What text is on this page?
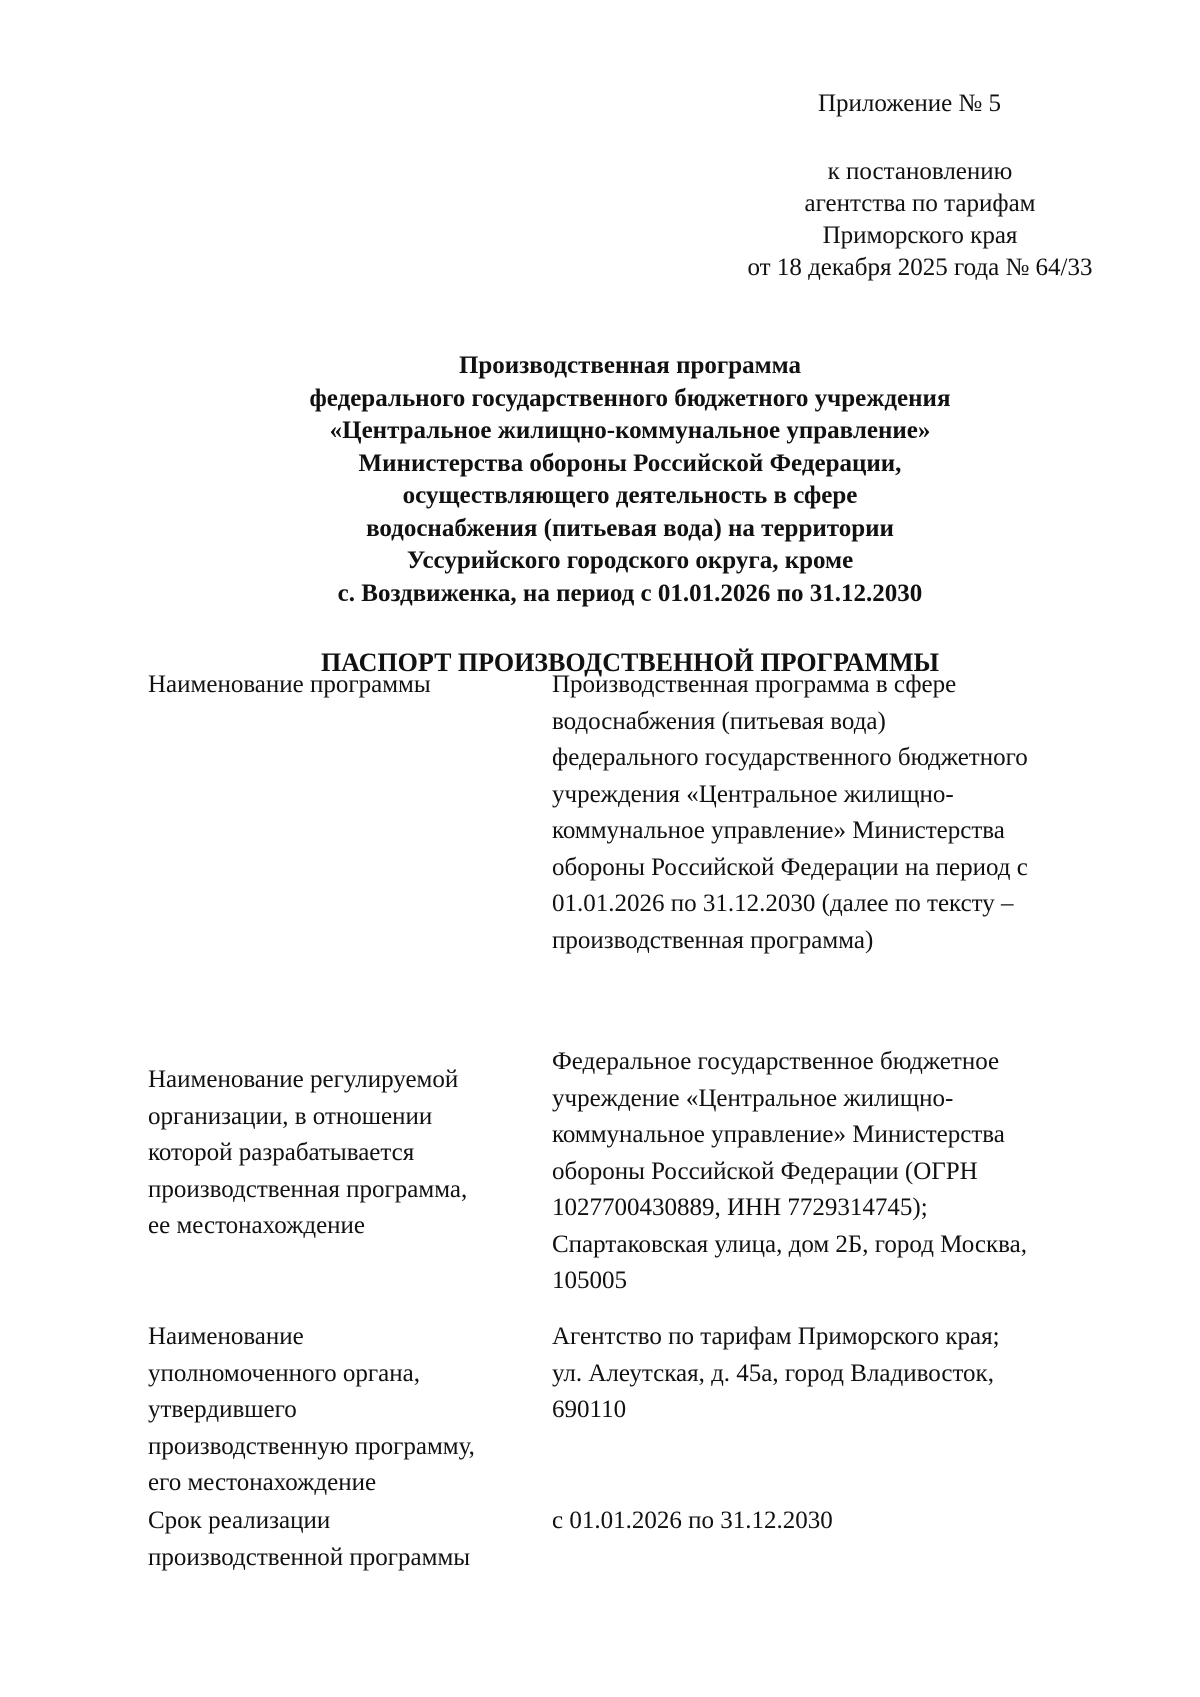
Приложение № 5
к постановлению
агентства по тарифам
Приморского края
от 18 декабря 2025 года № 64/33
Производственная программа
федерального государственного бюджетного учреждения
«Центральное жилищно-коммунальное управление»
Министерства обороны Российской Федерации,
осуществляющего деятельность в сфере
водоснабжения (питьевая вода) на территории
Уссурийского городского округа, кроме
с. Воздвиженка, на период с 01.01.2026 по 31.12.2030
ПАСПОРТ ПРОИЗВОДСТВЕННОЙ ПРОГРАММЫ
Наименование программы	Производственная программа в сфере
водоснабжения (питьевая вода)
федерального государственного бюджетного
учреждения «Центральное жилищно-
коммунальное управление» Министерства
обороны Российской Федерации на период с
01.01.2026 по 31.12.2030 (далее по тексту –
производственная программа)
Наименование регулируемой
организации, в отношении
которой разрабатывается
производственная программа,
ее местонахождение
Федеральное государственное бюджетное
учреждение «Центральное жилищно-
коммунальное управление» Министерства
обороны Российской Федерации (ОГРН
1027700430889, ИНН 7729314745);
Спартаковская улица, дом 2Б, город Москва,
105005
Наименование
уполномоченного органа,
утвердившего
производственную программу,
его местонахождение
Агентство по тарифам Приморского края;
ул. Алеутская, д. 45а, город Владивосток,
690110
Срок реализации
производственной программы
с 01.01.2026 по 31.12.2030
